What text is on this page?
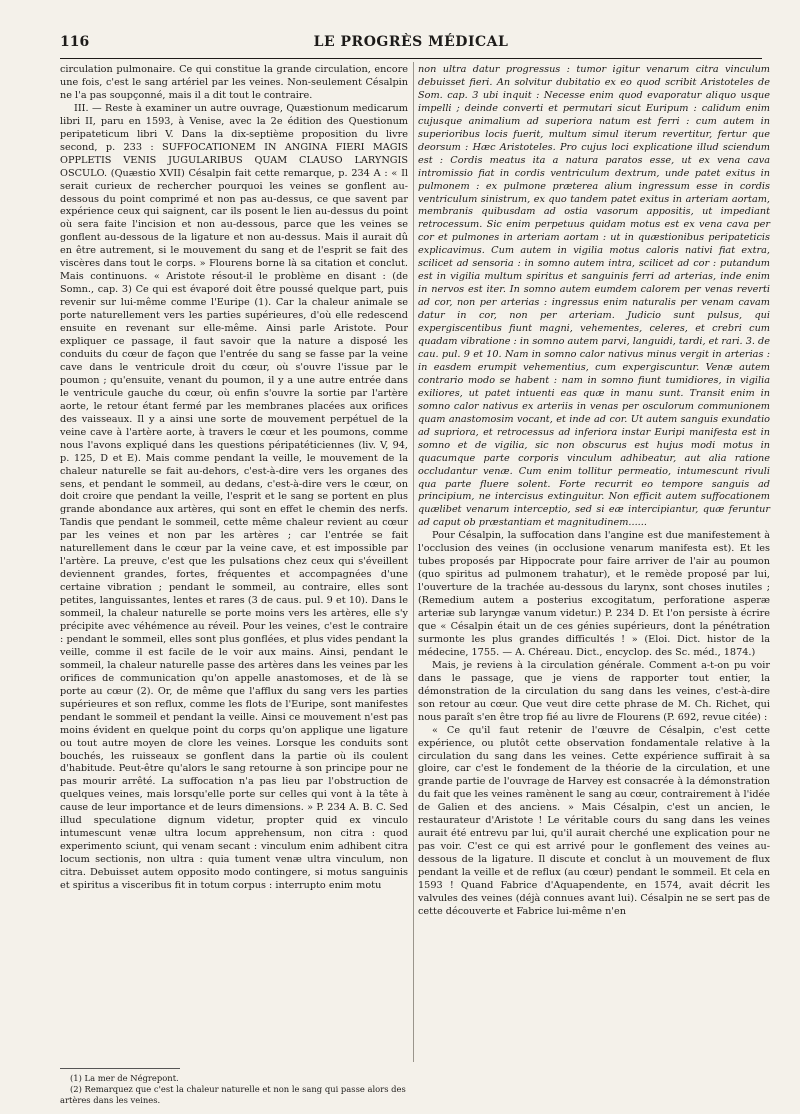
116	LE PROGRÈS MÉDICAL

circulation pulmonaire. Ce qui constitue la grande circulation, encore une fois, c'est le sang artériel par les veines. Non-seulement Césalpin ne l'a pas soupçonné, mais il a dit tout le contraire.

III. — Reste à examiner un autre ouvrage, Quæstionum medicarum libri II, paru en 1593, à Venise, avec la 2e édition des Questionum peripateticum libri V. Dans la dix-septième proposition du livre second, p. 233 : SUFFOCATIONEM IN ANGINA FIERI MAGIS OPPLETIS VENIS JUGULARIBUS QUAM CLAUSO LARYNGIS OSCULO. (Quæstio XVII) Césalpin fait cette remarque, p. 234 A : « Il serait curieux de rechercher pourquoi les veines se gonflent au-dessous du point comprimé et non pas au-dessus, ce que savent par expérience ceux qui saignent, car ils posent le lien au-dessus du point où sera faite l'incision et non au-dessous, parce que les veines se gonflent au-dessous de la ligature et non au-dessus. Mais il aurait dû en être autrement, si le mouvement du sang et de l'esprit se fait des viscères dans tout le corps. » Flourens borne là sa citation et conclut. Mais continuons. « Aristote résout-il le problème en disant : (de Somn., cap. 3) Ce qui est évaporé doit être poussé quelque part, puis revenir sur lui-même comme l'Euripe (1). Car la chaleur animale se porte naturellement vers les parties supérieures, d'où elle redescend ensuite en revenant sur elle-même. Ainsi parle Aristote. Pour expliquer ce passage, il faut savoir que la nature a disposé les conduits du cœur de façon que l'entrée du sang se fasse par la veine cave dans le ventricule droit du cœur, où s'ouvre l'issue par le poumon ; qu'ensuite, venant du poumon, il y a une autre entrée dans le ventricule gauche du cœur, où enfin s'ouvre la sortie par l'artère aorte, le retour étant fermé par les membranes placées aux orifices des vaisseaux. Il y a ainsi une sorte de mouvement perpétuel de la veine cave à l'artère aorte, à travers le cœur et les poumons, comme nous l'avons expliqué dans les questions péripatéticiennes (liv. V, 94, p. 125, D et E). Mais comme pendant la veille, le mouvement de la chaleur naturelle se fait au-dehors, c'est-à-dire vers les organes des sens, et pendant le sommeil, au dedans, c'est-à-dire vers le cœur, on doit croire que pendant la veille, l'esprit et le sang se portent en plus grande abondance aux artères, qui sont en effet le chemin des nerfs. Tandis que pendant le sommeil, cette même chaleur revient au cœur par les veines et non par les artères ; car l'entrée se fait naturellement dans le cœur par la veine cave, et est impossible par l'artère. La preuve, c'est que les pulsations chez ceux qui s'éveillent deviennent grandes, fortes, fréquentes et accompagnées d'une certaine vibration ; pendant le sommeil, au contraire, elles sont petites, languissantes, lentes et rares (3 de caus. pul. 9 et 10). Dans le sommeil, la chaleur naturelle se porte moins vers les artères, elle s'y précipite avec véhémence au réveil. Pour les veines, c'est le contraire : pendant le sommeil, elles sont plus gonflées, et plus vides pendant la veille, comme il est facile de le voir aux mains. Ainsi, pendant le sommeil, la chaleur naturelle passe des artères dans les veines par les orifices de communication qu'on appelle anastomoses, et de là se porte au cœur (2). Or, de même que l'afflux du sang vers les parties supérieures et son reflux, comme les flots de l'Euripe, sont manifestes pendant le sommeil et pendant la veille. Ainsi ce mouvement n'est pas moins évident en quelque point du corps qu'on applique une ligature ou tout autre moyen de clore les veines. Lorsque les conduits sont bouchés, les ruisseaux se gonflent dans la partie où ils coulent d'habitude. Peut-être qu'alors le sang retourne à son principe pour ne pas mourir arrêté. La suffocation n'a pas lieu par l'obstruction de quelques veines, mais lorsqu'elle porte sur celles qui vont à la tête à cause de leur importance et de leurs dimensions. » P. 234 A. B. C. Sed illud speculatione dignum videtur, propter quid ex vinculo intumescunt venæ ultra locum apprehensum, non citra : quod experimento sciunt, qui venam secant : vinculum enim adhibent citra locum sectionis, non ultra : quia tument venæ ultra vinculum, non citra. Debuisset autem opposito modo contingere, si motus sanguinis et spiritus a visceribus fit in totum corpus : interrupto enim motu

non ultra datur progressus : tumor igitur venarum citra vinculum debuisset fieri. An solvitur dubitatio ex eo quod scribit Aristoteles de Som. cap. 3 ubi inquit : Necesse enim quod evaporatur aliquo usque impelli ; deinde converti et permutari sicut Euripum : calidum enim cujusque animalium ad superiora natum est ferri : cum autem in superioribus locis fuerit, multum simul iterum revertitur, fertur que deorsum : Hæc Aristoteles. Pro cujus loci explicatione illud sciendum est : Cordis meatus ita a natura paratos esse, ut ex vena cava intromissio fiat in cordis ventriculum dextrum, unde patet exitus in pulmonem : ex pulmone præterea alium ingressum esse in cordis ventriculum sinistrum, ex quo tandem patet exitus in arteriam aortam, membranis quibusdam ad ostia vasorum appositis, ut impediant retrocessum. Sic enim perpetuus quidam motus est ex vena cava per cor et pulmones in arteriam aortam : ut in quæstionibus peripateticis explicavimus. Cum autem in vigilia motus caloris nativi fiat extra, scilicet ad sensoria : in somno autem intra, scilicet ad cor : putandum est in vigilia multum spiritus et sanguinis ferri ad arterias, inde enim in nervos est iter. In somno autem eumdem calorem per venas reverti ad cor, non per arterias : ingressus enim naturalis per venam cavam datur in cor, non per arteriam. Judicio sunt pulsus, qui expergiscentibus fiunt magni, vehementes, celeres, et crebri cum quadam vibratione : in somno autem parvi, languidi, tardi, et rari. 3. de cau. pul. 9 et 10. Nam in somno calor nativus minus vergit in arterias : in easdem erumpit vehementius, cum expergiscuntur. Venæ autem contrario modo se habent : nam in somno fiunt tumidiores, in vigilia exiliores, ut patet intuenti eas quæ in manu sunt. Transit enim in somno calor nativus ex arteriis in venas per osculorum communionem quam anastomosim vocant, et inde ad cor. Ut autem sanguis exundatio ad supriora, et retrocessus ad inferiora instar Euripi manifesta est in somno et de vigilia, sic non obscurus est hujus modi motus in quacumque parte corporis vinculum adhibeatur, aut alia ratione occludantur venæ. Cum enim tollitur permeatio, intumescunt rivuli qua parte fluere solent. Forte recurrit eo tempore sanguis ad principium, ne intercisus extinguitur. Non efficit autem suffocationem quælibet venarum interceptio, sed si eæ intercipiantur, quæ feruntur ad caput ob præstantiam et magnitudinem......

Pour Césalpin, la suffocation dans l'angine est due manifestement à l'occlusion des veines (in occlusione venarum manifesta est). Et les tubes proposés par Hippocrate pour faire arriver de l'air au poumon (quo spiritus ad pulmonem trahatur), et le remède proposé par lui, l'ouverture de la trachée au-dessous du larynx, sont choses inutiles ; (Remedium autem a posterius excogitatum, perforatione asperæ arteriæ sub laryngæ vanum videtur.) P. 234 D. Et l'on persiste à écrire que « Césalpin était un de ces génies supérieurs, dont la pénétration surmonte les plus grandes difficultés ! » (Eloi. Dict. histor de la médecine, 1755. — A. Chéreau. Dict., encyclop. des Sc. méd., 1874.)

Mais, je reviens à la circulation générale. Comment a-t-on pu voir dans le passage, que je viens de rapporter tout entier, la démonstration de la circulation du sang dans les veines, c'est-à-dire son retour au cœur. Que veut dire cette phrase de M. Ch. Richet, qui nous paraît s'en être trop fié au livre de Flourens (P. 692, revue citée) :

« Ce qu'il faut retenir de l'œuvre de Césalpin, c'est cette expérience, ou plutôt cette observation fondamentale relative à la circulation du sang dans les veines. Cette expérience suffirait à sa gloire, car c'est le fondement de la théorie de la circulation, et une grande partie de l'ouvrage de Harvey est consacrée à la démonstration du fait que les veines ramènent le sang au cœur, contrairement à l'idée de Galien et des anciens. » Mais Césalpin, c'est un ancien, le restaurateur d'Aristote ! Le véritable cours du sang dans les veines aurait été entrevu par lui, qu'il aurait cherché une explication pour ne pas voir. C'est ce qui est arrivé pour le gonflement des veines au-dessous de la ligature. Il discute et conclut à un mouvement de flux pendant la veille et de reflux (au cœur) pendant le sommeil. Et cela en 1593 ! Quand Fabrice d'Aquapendente, en 1574, avait décrit les valvules des veines (déjà connues avant lui). Césalpin ne se sert pas de cette découverte et Fabrice lui-même n'en

(1) La mer de Négrepont.

(2) Remarquez que c'est la chaleur naturelle et non le sang qui passe alors des artères dans les veines.
